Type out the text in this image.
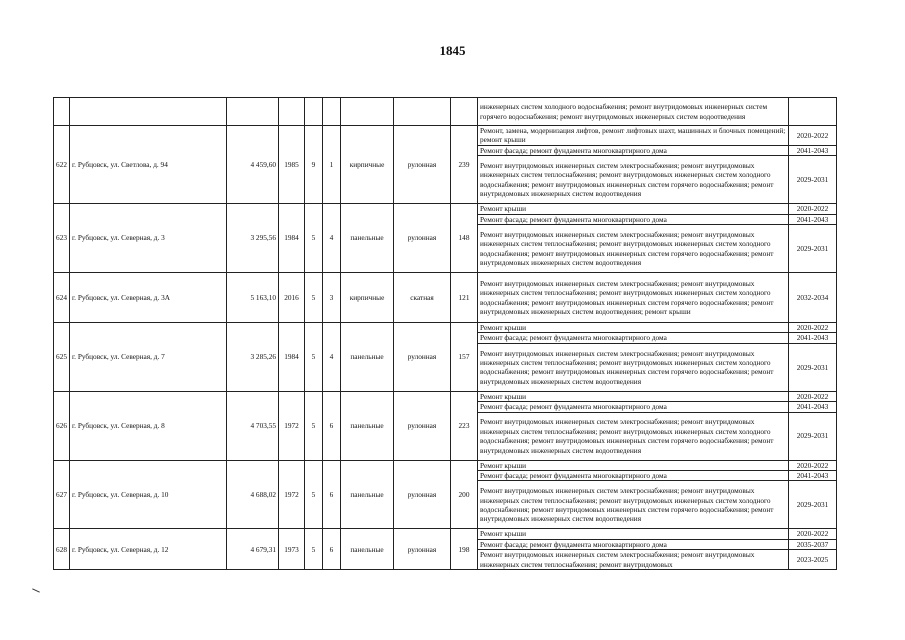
1845
									инженерных систем холодного водоснабжения; ремонт внутридомовых инженерных систем горячего водоснабжения; ремонт внутридомовых инженерных систем водоотведения	
622	г. Рубцовск, ул. Светлова, д. 94	4 459,60	1985	9	1	кирпичные	рулонная	239	Ремонт, замена, модернизация лифтов, ремонт лифтовых шахт, машинных и блочных помещений; ремонт крыши	2020-2022
									Ремонт фасада; ремонт фундамента многоквартирного дома	2041-2043
									Ремонт внутридомовых инженерных систем электроснабжения; ремонт внутридомовых инженерных систем теплоснабжения; ремонт внутридомовых инженерных систем холодного водоснабжения; ремонт внутридомовых инженерных систем горячего водоснабжения; ремонт внутридомовых инженерных систем водоотведения	2029-2031
623	г. Рубцовск, ул. Северная, д. 3	3 295,56	1984	5	4	панельные	рулонная	148	Ремонт крыши	2020-2022
									Ремонт фасада; ремонт фундамента многоквартирного дома	2041-2043
									Ремонт внутридомовых инженерных систем электроснабжения; ремонт внутридомовых инженерных систем теплоснабжения; ремонт внутридомовых инженерных систем холодного водоснабжения; ремонт внутридомовых инженерных систем горячего водоснабжения; ремонт внутридомовых инженерных систем водоотведения	2029-2031
624	г. Рубцовск, ул. Северная, д. 3А	5 163,10	2016	5	3	кирпичные	скатная	121	Ремонт внутридомовых инженерных систем электроснабжения; ремонт внутридомовых инженерных систем теплоснабжения; ремонт внутридомовых инженерных систем холодного водоснабжения; ремонт внутридомовых инженерных систем горячего водоснабжения; ремонт внутридомовых инженерных систем водоотведения; ремонт крыши	2032-2034
625	г. Рубцовск, ул. Северная, д. 7	3 285,26	1984	5	4	панельные	рулонная	157	Ремонт крыши	2020-2022
									Ремонт фасада; ремонт фундамента многоквартирного дома	2041-2043
									Ремонт внутридомовых инженерных систем электроснабжения; ремонт внутридомовых инженерных систем теплоснабжения; ремонт внутридомовых инженерных систем холодного водоснабжения; ремонт внутридомовых инженерных систем горячего водоснабжения; ремонт внутридомовых инженерных систем водоотведения	2029-2031
626	г. Рубцовск, ул. Северная, д. 8	4 703,55	1972	5	6	панельные	рулонная	223	Ремонт крыши	2020-2022
									Ремонт фасада; ремонт фундамента многоквартирного дома	2041-2043
									Ремонт внутридомовых инженерных систем электроснабжения; ремонт внутридомовых инженерных систем теплоснабжения; ремонт внутридомовых инженерных систем холодного водоснабжения; ремонт внутридомовых инженерных систем горячего водоснабжения; ремонт внутридомовых инженерных систем водоотведения	2029-2031
627	г. Рубцовск, ул. Северная, д. 10	4 688,02	1972	5	6	панельные	рулонная	200	Ремонт крыши	2020-2022
									Ремонт фасада; ремонт фундамента многоквартирного дома	2041-2043
									Ремонт внутридомовых инженерных систем электроснабжения; ремонт внутридомовых инженерных систем теплоснабжения; ремонт внутридомовых инженерных систем холодного водоснабжения; ремонт внутридомовых инженерных систем горячего водоснабжения; ремонт внутридомовых инженерных систем водоотведения	2029-2031
628	г. Рубцовск, ул. Северная, д. 12	4 679,31	1973	5	6	панельные	рулонная	198	Ремонт крыши	2020-2022
									Ремонт фасада; ремонт фундамента многоквартирного дома	2035-2037
									Ремонт внутридомовых инженерных систем электроснабжения; ремонт внутридомовых инженерных систем теплоснабжения; ремонт внутридомовых	2023-2025
